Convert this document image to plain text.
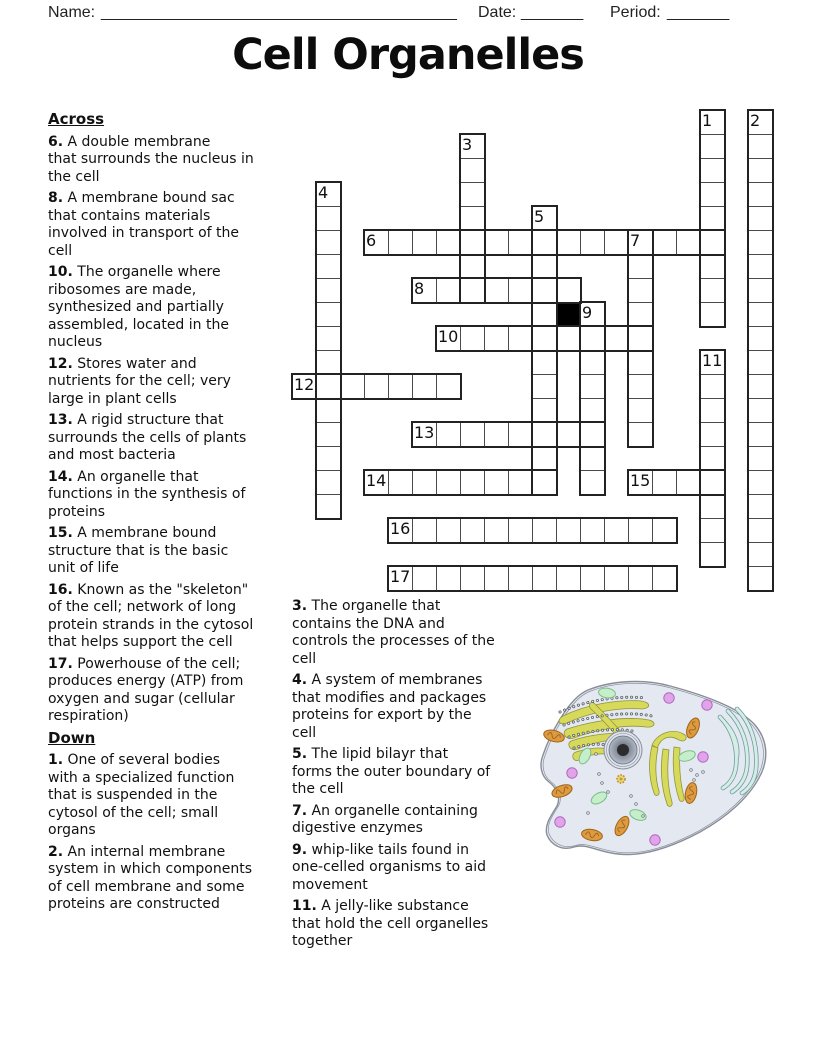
Name: ________________________________________ Date: _______ Period: _______
Cell Organelles
Across
6. A double membrane
that surrounds the nucleus in
the cell
8. A membrane bound sac
that contains materials
involved in transport of the
cell
10. The organelle where
ribosomes are made,
synthesized and partially
assembled, located in the
nucleus
12. Stores water and
nutrients for the cell; very
large in plant cells
13. A rigid structure that
surrounds the cells of plants
and most bacteria
14. An organelle that
functions in the synthesis of
proteins
15. A membrane bound
structure that is the basic
unit of life
16. Known as the "skeleton"
of the cell; network of long
protein strands in the cytosol
that helps support the cell
17. Powerhouse of the cell;
produces energy (ATP) from
oxygen and sugar (cellular
respiration)
Down
1. One of several bodies
with a specialized function
that is suspended in the
cytosol of the cell; small
organs
2. An internal membrane
system in which components
of cell membrane and some
proteins are constructed
3. The organelle that
contains the DNA and
controls the processes of the
cell
4. A system of membranes
that modifies and packages
proteins for export by the
cell
5. The lipid bilayr that
forms the outer boundary of
the cell
7. An organelle containing
digestive enzymes
9. whip-like tails found in
one-celled organisms to aid
movement
11. A jelly-like substance
that hold the cell organelles
together
1 2
3
4
5
6	7
8
9
10
11
12
13
14	15
16
17
